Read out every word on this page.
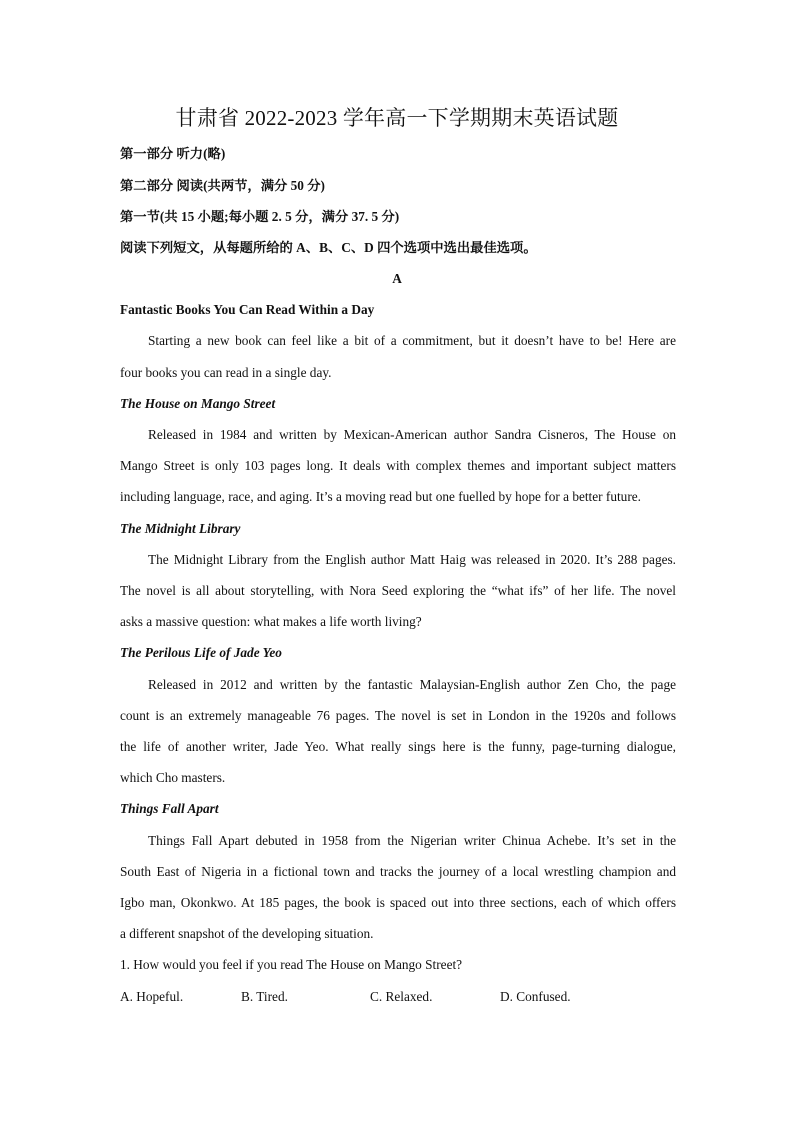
甘肃省 2022-2023 学年高一下学期期末英语试题
第一部分 听力(略)
第二部分 阅读(共两节，满分 50 分)
第一节(共 15 小题;每小题 2. 5 分，满分 37. 5 分)
阅读下列短文，从每题所给的 A、B、C、D 四个选项中选出最佳选项。
A
Fantastic Books You Can Read Within a Day
Starting a new book can feel like a bit of a commitment, but it doesn’t have to be! Here are
four books you can read in a single day.
The House on Mango Street
Released in 1984 and written by Mexican-American author Sandra Cisneros, The House on
Mango Street is only 103 pages long. It deals with complex themes and important subject matters
including language, race, and aging. It’s a moving read but one fuelled by hope for a better future.
The Midnight Library
The Midnight Library from the English author Matt Haig was released in 2020. It’s 288 pages.
The novel is all about storytelling, with Nora Seed exploring the “what ifs” of her life. The novel
asks a massive question: what makes a life worth living?
The Perilous Life of Jade Yeo
Released in 2012 and written by the fantastic Malaysian-English author Zen Cho, the page
count is an extremely manageable 76 pages. The novel is set in London in the 1920s and follows
the life of another writer, Jade Yeo. What really sings here is the funny, page-turning dialogue,
which Cho masters.
Things Fall Apart
Things Fall Apart debuted in 1958 from the Nigerian writer Chinua Achebe. It’s set in the
South East of Nigeria in a fictional town and tracks the journey of a local wrestling champion and
Igbo man, Okonkwo. At 185 pages, the book is spaced out into three sections, each of which offers
a different snapshot of the developing situation.
1. How would you feel if you read The House on Mango Street?
A. Hopeful.	B. Tired.	C. Relaxed.	D. Confused.
